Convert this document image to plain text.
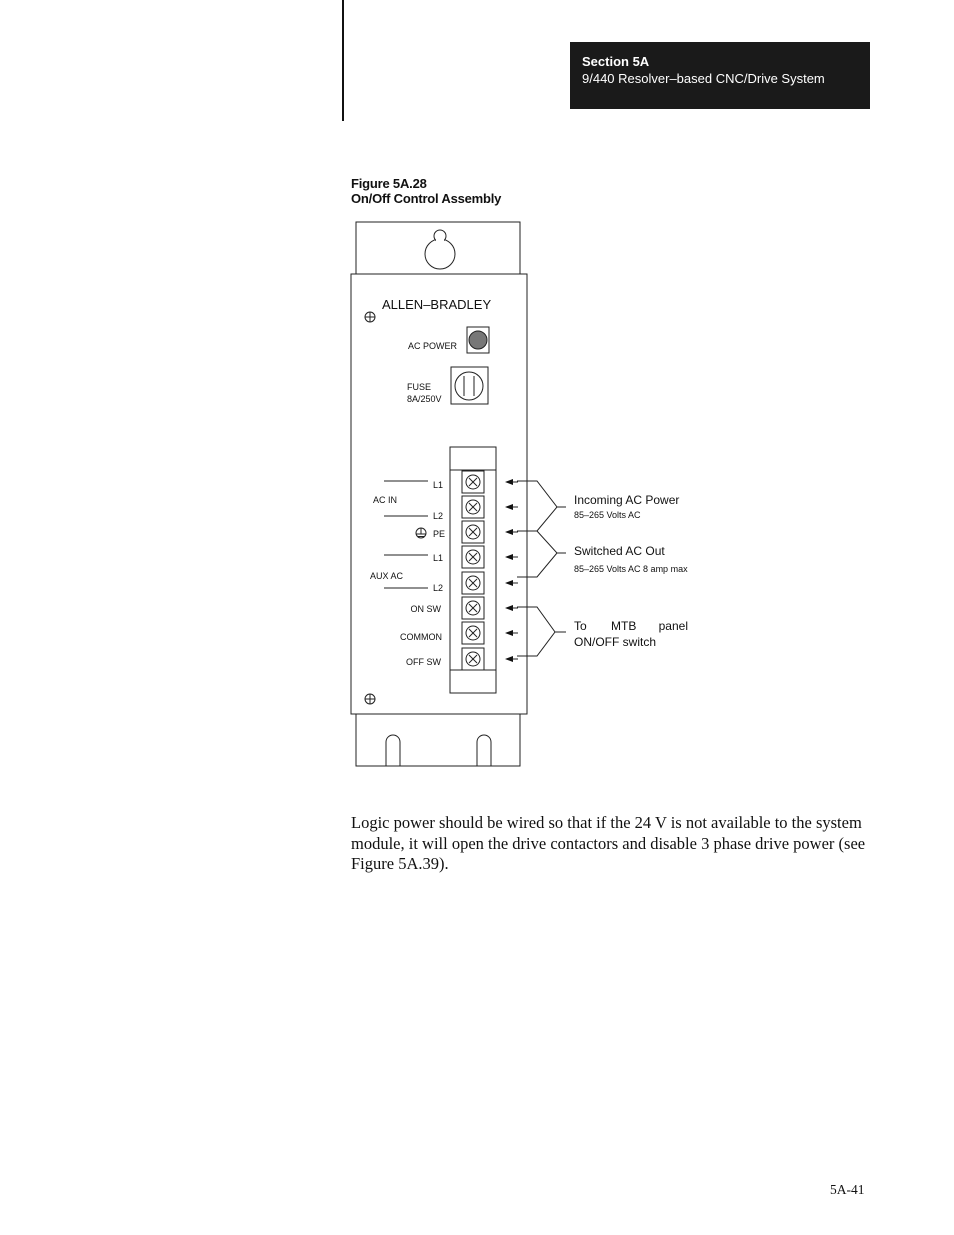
Section 5A
9/440 Resolver–based CNC/Drive System
Figure 5A.28
On/Off Control Assembly
ALLEN–BRADLEY
AC POWER
FUSE
8A/250V
L1
L2
PE
L1
L2
ON SW
COMMON
OFF SW
AC IN
AUX AC
Incoming AC Power
85–265 Volts AC
Switched AC Out
85–265 Volts AC 8 amp max
To MTB panel
ON/OFF switch
Logic power should be wired so that if the 24 V is not available to the system module, it will open the drive contactors and disable 3 phase drive power (see Figure 5A.39).
5A-41
